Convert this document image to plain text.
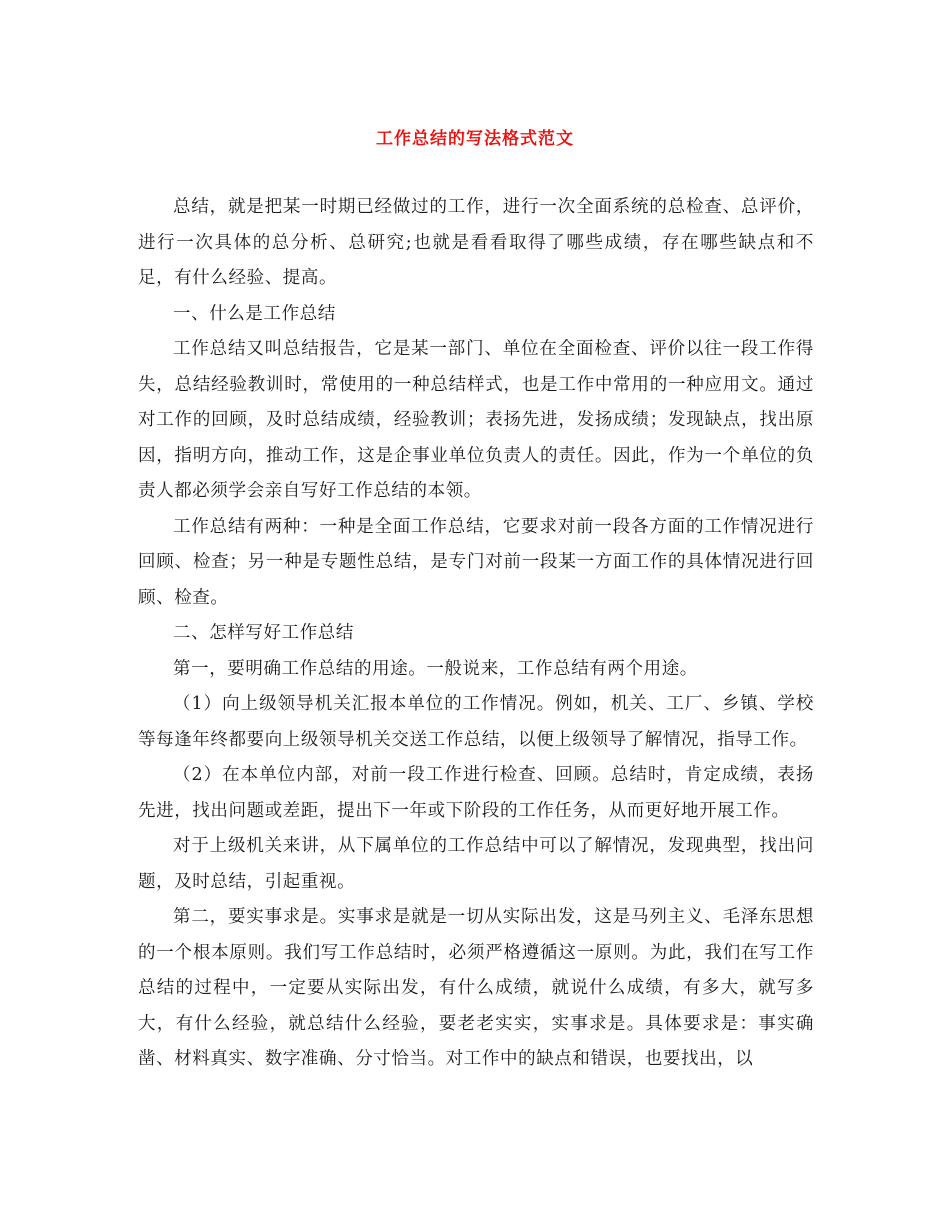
工作总结的写法格式范文

总结，就是把某一时期已经做过的工作，进行一次全面系统的总检查、总评价，进行一次具体的总分析、总研究;也就是看看取得了哪些成绩，存在哪些缺点和不足，有什么经验、提高。

一、什么是工作总结

工作总结又叫总结报告，它是某一部门、单位在全面检查、评价以往一段工作得失，总结经验教训时，常使用的一种总结样式，也是工作中常用的一种应用文。通过对工作的回顾，及时总结成绩，经验教训；表扬先进，发扬成绩；发现缺点，找出原因，指明方向，推动工作，这是企事业单位负责人的责任。因此，作为一个单位的负责人都必须学会亲自写好工作总结的本领。

工作总结有两种：一种是全面工作总结，它要求对前一段各方面的工作情况进行回顾、检查；另一种是专题性总结，是专门对前一段某一方面工作的具体情况进行回顾、检查。

二、怎样写好工作总结

第一，要明确工作总结的用途。一般说来，工作总结有两个用途。

（1）向上级领导机关汇报本单位的工作情况。例如，机关、工厂、乡镇、学校等每逢年终都要向上级领导机关交送工作总结，以便上级领导了解情况，指导工作。

（2）在本单位内部，对前一段工作进行检查、回顾。总结时，肯定成绩，表扬先进，找出问题或差距，提出下一年或下阶段的工作任务，从而更好地开展工作。

对于上级机关来讲，从下属单位的工作总结中可以了解情况，发现典型，找出问题，及时总结，引起重视。

第二，要实事求是。实事求是就是一切从实际出发，这是马列主义、毛泽东思想的一个根本原则。我们写工作总结时，必须严格遵循这一原则。为此，我们在写工作总结的过程中，一定要从实际出发，有什么成绩，就说什么成绩，有多大，就写多大，有什么经验，就总结什么经验，要老老实实，实事求是。具体要求是：事实确凿、材料真实、数字准确、分寸恰当。对工作中的缺点和错误，也要找出，以
